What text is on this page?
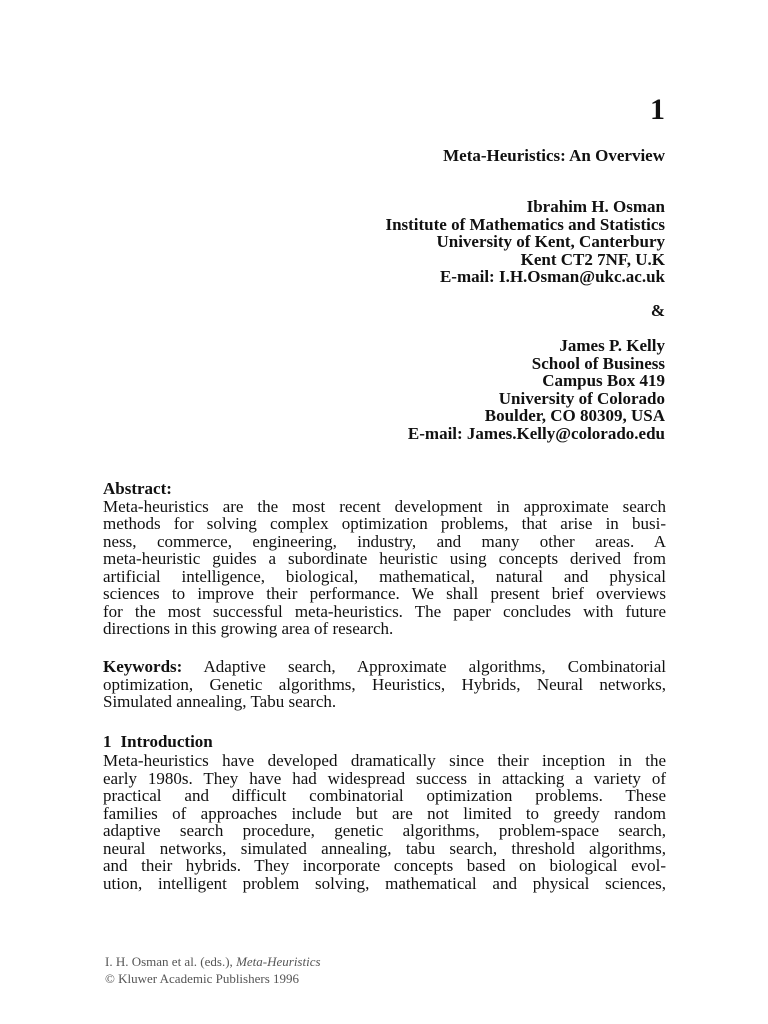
1
Meta-Heuristics: An Overview
Ibrahim H. Osman
Institute of Mathematics and Statistics
University of Kent, Canterbury
Kent CT2 7NF, U.K
E-mail: I.H.Osman@ukc.ac.uk
&
James P. Kelly
School of Business
Campus Box 419
University of Colorado
Boulder, CO 80309, USA
E-mail: James.Kelly@colorado.edu
Abstract:
Meta-heuristics are the most recent development in approximate search
methods for solving complex optimization problems, that arise in busi-
ness, commerce, engineering, industry, and many other areas. A
meta-heuristic guides a subordinate heuristic using concepts derived from
artificial intelligence, biological, mathematical, natural and physical
sciences to improve their performance. We shall present brief overviews
for the most successful meta-heuristics. The paper concludes with future
directions in this growing area of research.
Keywords: Adaptive search, Approximate algorithms, Combinatorial
optimization, Genetic algorithms, Heuristics, Hybrids, Neural networks,
Simulated annealing, Tabu search.
1 Introduction
Meta-heuristics have developed dramatically since their inception in the
early 1980s. They have had widespread success in attacking a variety of
practical and difficult combinatorial optimization problems. These
families of approaches include but are not limited to greedy random
adaptive search procedure, genetic algorithms, problem-space search,
neural networks, simulated annealing, tabu search, threshold algorithms,
and their hybrids. They incorporate concepts based on biological evol-
ution, intelligent problem solving, mathematical and physical sciences,
I. H. Osman et al. (eds.), Meta-Heuristics
© Kluwer Academic Publishers 1996
